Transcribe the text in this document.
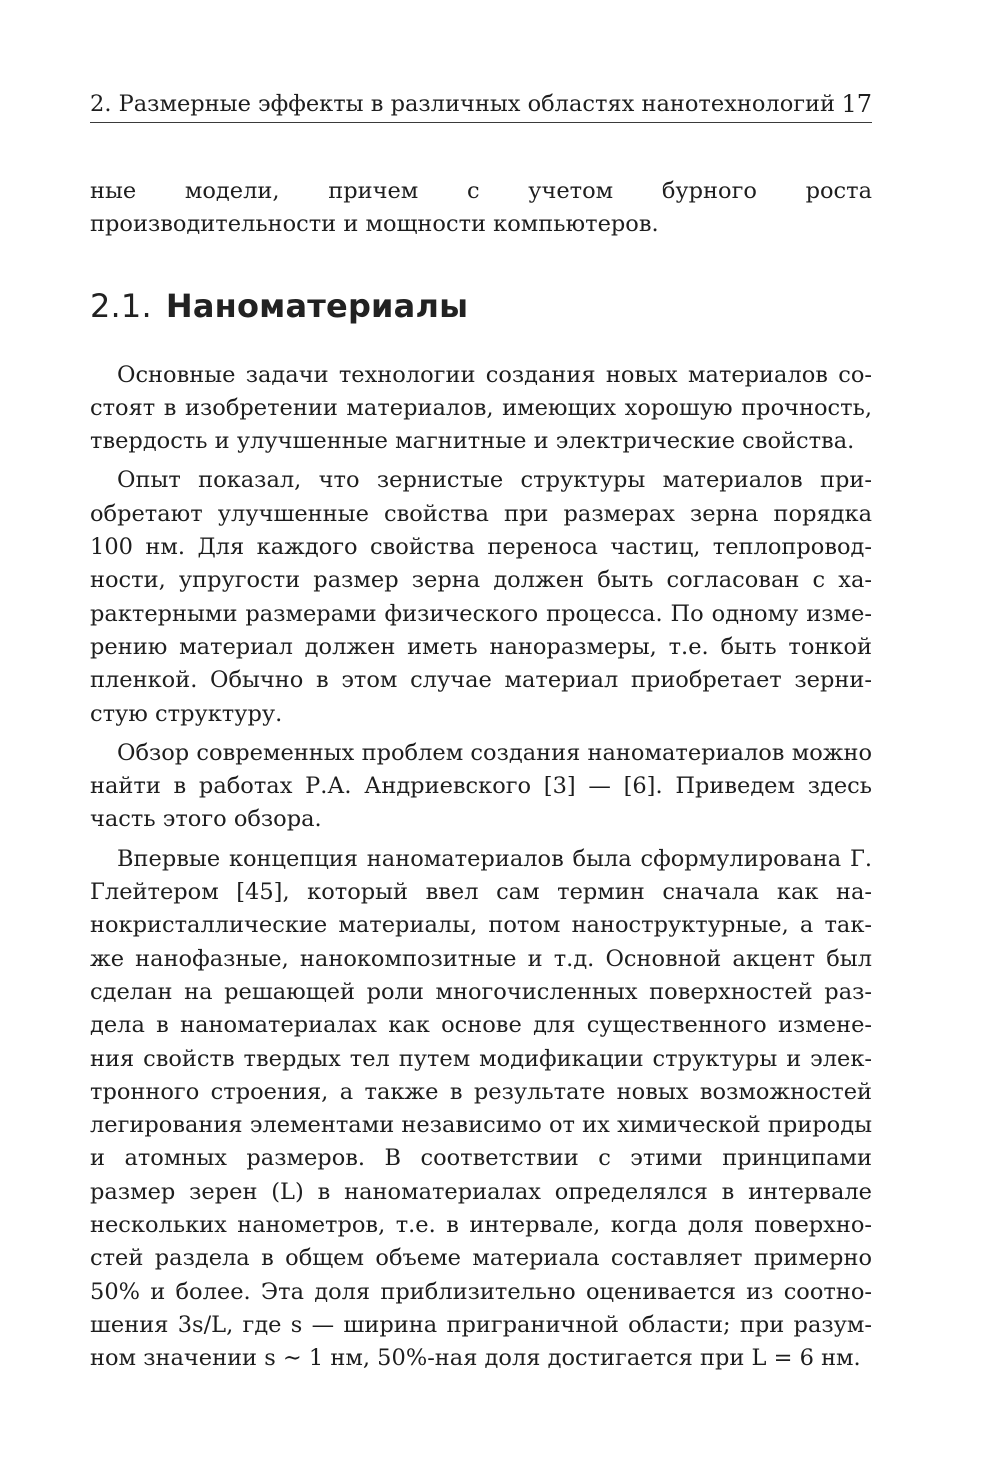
2. Размерные эффекты в различных областях нанотехнологий 17

ные модели, причем с учетом бурного роста производительности и мощности компьютеров.

2.1. Наноматериалы

Основные задачи технологии создания новых материалов состоят в изобретении материалов, имеющих хорошую прочность, твердость и улучшенные магнитные и электрические свойства.

Опыт показал, что зернистые структуры материалов приобретают улучшенные свойства при размерах зерна порядка 100 нм. Для каждого свойства переноса частиц, теплопроводности, упругости размер зерна должен быть согласован с характерными размерами физического процесса. По одному измерению материал должен иметь наноразмеры, т.е. быть тонкой пленкой. Обычно в этом случае материал приобретает зернистую структуру.

Обзор современных проблем создания наноматериалов можно найти в работах Р.А. Андриевского [3] — [6]. Приведем здесь часть этого обзора.

Впервые концепция наноматериалов была сформулирована Г. Глейтером [45], который ввел сам термин сначала как нанокристаллические материалы, потом наноструктурные, а также нанофазные, нанокомпозитные и т.д. Основной акцент был сделан на решающей роли многочисленных поверхностей раздела в наноматериалах как основе для существенного изменения свойств твердых тел путем модификации структуры и электронного строения, а также в результате новых возможностей легирования элементами независимо от их химической природы и атомных размеров. В соответствии с этими принципами размер зерен (L) в наноматериалах определялся в интервале нескольких нанометров, т.е. в интервале, когда доля поверхностей раздела в общем объеме материала составляет примерно 50% и более. Эта доля приблизительно оценивается из соотношения 3s/L, где s — ширина приграничной области; при разумном значении s ∼ 1 нм, 50%-ная доля достигается при L = 6 нм.
